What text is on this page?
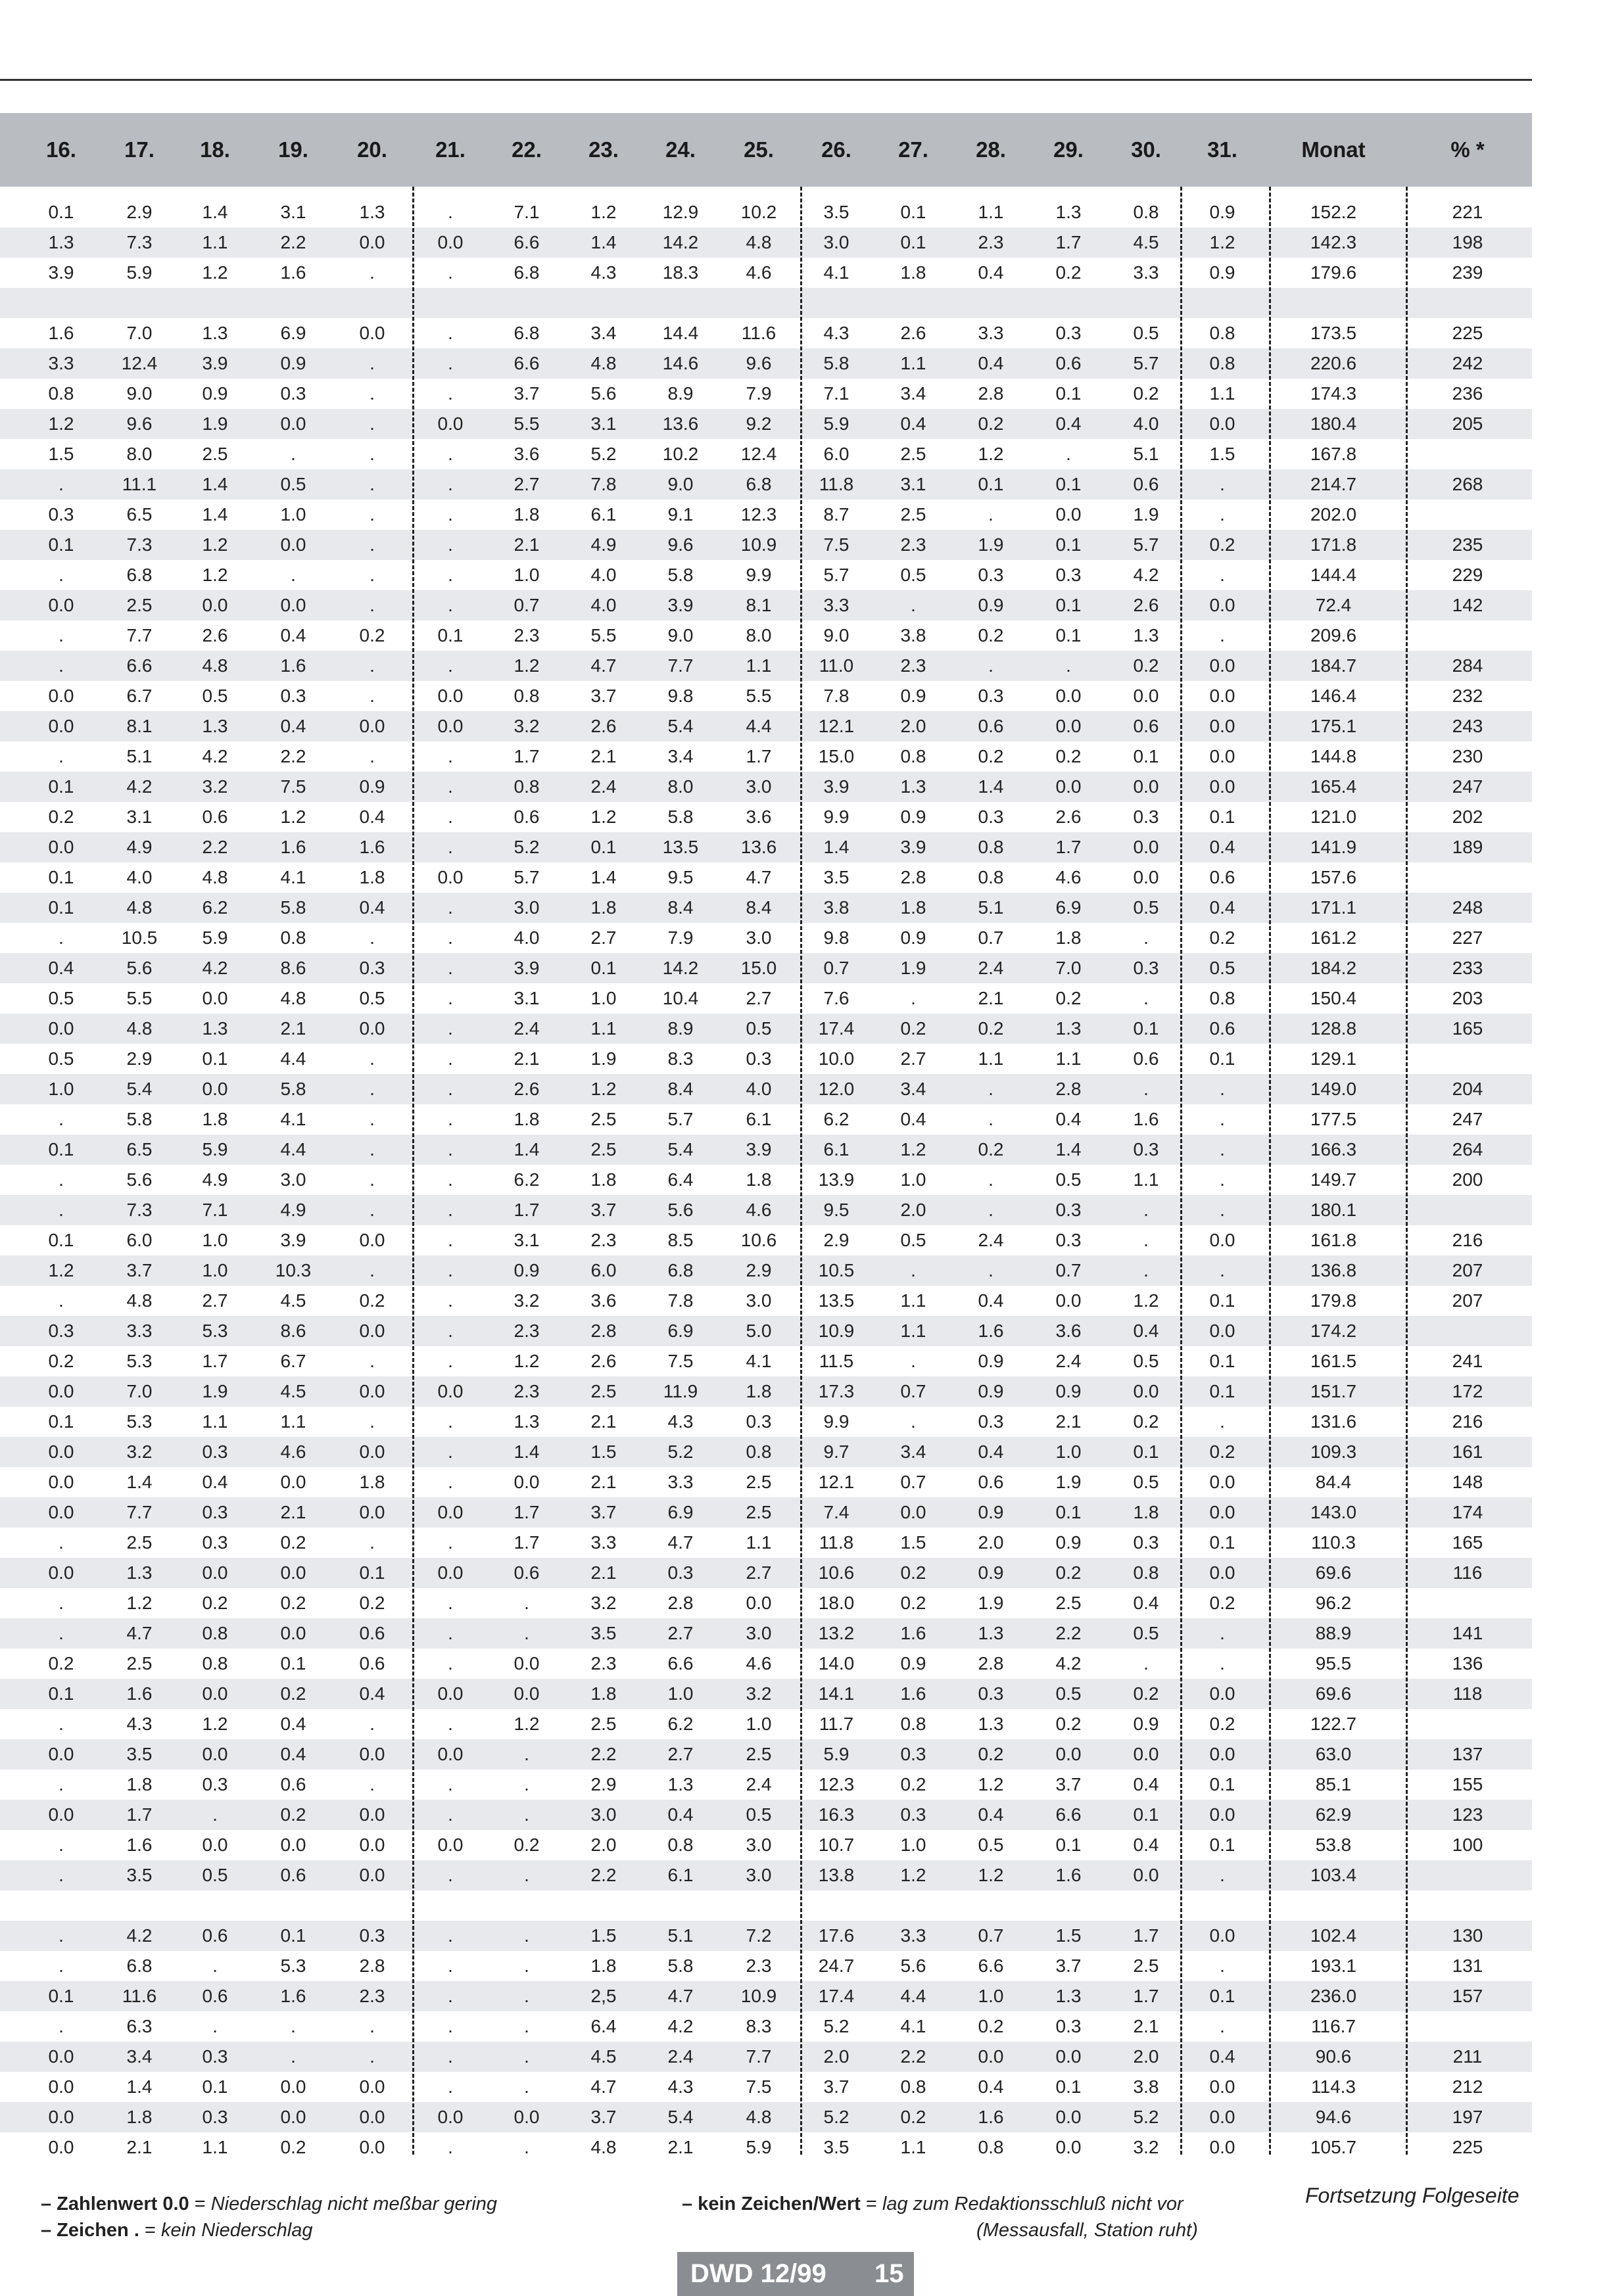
16.	17.	18.	19.	20.	21.	22.	23.	24.	25.	26.	27.	28.	29.	30.	31.	Monat	% *
0.1	2.9	1.4	3.1	1.3	.	7.1	1.2	12.9	10.2	3.5	0.1	1.1	1.3	0.8	0.9	152.2	221
1.3	7.3	1.1	2.2	0.0	0.0	6.6	1.4	14.2	4.8	3.0	0.1	2.3	1.7	4.5	1.2	142.3	198
3.9	5.9	1.2	1.6	.	.	6.8	4.3	18.3	4.6	4.1	1.8	0.4	0.2	3.3	0.9	179.6	239
1.6	7.0	1.3	6.9	0.0	.	6.8	3.4	14.4	11.6	4.3	2.6	3.3	0.3	0.5	0.8	173.5	225
3.3	12.4	3.9	0.9	.	.	6.6	4.8	14.6	9.6	5.8	1.1	0.4	0.6	5.7	0.8	220.6	242
0.8	9.0	0.9	0.3	.	.	3.7	5.6	8.9	7.9	7.1	3.4	2.8	0.1	0.2	1.1	174.3	236
1.2	9.6	1.9	0.0	.	0.0	5.5	3.1	13.6	9.2	5.9	0.4	0.2	0.4	4.0	0.0	180.4	205
1.5	8.0	2.5	.	.	.	3.6	5.2	10.2	12.4	6.0	2.5	1.2	.	5.1	1.5	167.8
.	11.1	1.4	0.5	.	.	2.7	7.8	9.0	6.8	11.8	3.1	0.1	0.1	0.6	.	214.7	268
0.3	6.5	1.4	1.0	.	.	1.8	6.1	9.1	12.3	8.7	2.5	.	0.0	1.9	.	202.0
0.1	7.3	1.2	0.0	.	.	2.1	4.9	9.6	10.9	7.5	2.3	1.9	0.1	5.7	0.2	171.8	235
.	6.8	1.2	.	.	.	1.0	4.0	5.8	9.9	5.7	0.5	0.3	0.3	4.2	.	144.4	229
0.0	2.5	0.0	0.0	.	.	0.7	4.0	3.9	8.1	3.3	.	0.9	0.1	2.6	0.0	72.4	142
.	7.7	2.6	0.4	0.2	0.1	2.3	5.5	9.0	8.0	9.0	3.8	0.2	0.1	1.3	.	209.6
.	6.6	4.8	1.6	.	.	1.2	4.7	7.7	1.1	11.0	2.3	.	.	0.2	0.0	184.7	284
0.0	6.7	0.5	0.3	.	0.0	0.8	3.7	9.8	5.5	7.8	0.9	0.3	0.0	0.0	0.0	146.4	232
0.0	8.1	1.3	0.4	0.0	0.0	3.2	2.6	5.4	4.4	12.1	2.0	0.6	0.0	0.6	0.0	175.1	243
.	5.1	4.2	2.2	.	.	1.7	2.1	3.4	1.7	15.0	0.8	0.2	0.2	0.1	0.0	144.8	230
0.1	4.2	3.2	7.5	0.9	.	0.8	2.4	8.0	3.0	3.9	1.3	1.4	0.0	0.0	0.0	165.4	247
0.2	3.1	0.6	1.2	0.4	.	0.6	1.2	5.8	3.6	9.9	0.9	0.3	2.6	0.3	0.1	121.0	202
0.0	4.9	2.2	1.6	1.6	.	5.2	0.1	13.5	13.6	1.4	3.9	0.8	1.7	0.0	0.4	141.9	189
0.1	4.0	4.8	4.1	1.8	0.0	5.7	1.4	9.5	4.7	3.5	2.8	0.8	4.6	0.0	0.6	157.6
0.1	4.8	6.2	5.8	0.4	.	3.0	1.8	8.4	8.4	3.8	1.8	5.1	6.9	0.5	0.4	171.1	248
.	10.5	5.9	0.8	.	.	4.0	2.7	7.9	3.0	9.8	0.9	0.7	1.8	.	0.2	161.2	227
0.4	5.6	4.2	8.6	0.3	.	3.9	0.1	14.2	15.0	0.7	1.9	2.4	7.0	0.3	0.5	184.2	233
0.5	5.5	0.0	4.8	0.5	.	3.1	1.0	10.4	2.7	7.6	.	2.1	0.2	.	0.8	150.4	203
0.0	4.8	1.3	2.1	0.0	.	2.4	1.1	8.9	0.5	17.4	0.2	0.2	1.3	0.1	0.6	128.8	165
0.5	2.9	0.1	4.4	.	.	2.1	1.9	8.3	0.3	10.0	2.7	1.1	1.1	0.6	0.1	129.1
1.0	5.4	0.0	5.8	.	.	2.6	1.2	8.4	4.0	12.0	3.4	.	2.8	.	.	149.0	204
.	5.8	1.8	4.1	.	.	1.8	2.5	5.7	6.1	6.2	0.4	.	0.4	1.6	.	177.5	247
0.1	6.5	5.9	4.4	.	.	1.4	2.5	5.4	3.9	6.1	1.2	0.2	1.4	0.3	.	166.3	264
.	5.6	4.9	3.0	.	.	6.2	1.8	6.4	1.8	13.9	1.0	.	0.5	1.1	.	149.7	200
.	7.3	7.1	4.9	.	.	1.7	3.7	5.6	4.6	9.5	2.0	.	0.3	.	.	180.1
0.1	6.0	1.0	3.9	0.0	.	3.1	2.3	8.5	10.6	2.9	0.5	2.4	0.3	.	0.0	161.8	216
1.2	3.7	1.0	10.3	.	.	0.9	6.0	6.8	2.9	10.5	.	.	0.7	.	.	136.8	207
.	4.8	2.7	4.5	0.2	.	3.2	3.6	7.8	3.0	13.5	1.1	0.4	0.0	1.2	0.1	179.8	207
0.3	3.3	5.3	8.6	0.0	.	2.3	2.8	6.9	5.0	10.9	1.1	1.6	3.6	0.4	0.0	174.2
0.2	5.3	1.7	6.7	.	.	1.2	2.6	7.5	4.1	11.5	.	0.9	2.4	0.5	0.1	161.5	241
0.0	7.0	1.9	4.5	0.0	0.0	2.3	2.5	11.9	1.8	17.3	0.7	0.9	0.9	0.0	0.1	151.7	172
0.1	5.3	1.1	1.1	.	.	1.3	2.1	4.3	0.3	9.9	.	0.3	2.1	0.2	.	131.6	216
0.0	3.2	0.3	4.6	0.0	.	1.4	1.5	5.2	0.8	9.7	3.4	0.4	1.0	0.1	0.2	109.3	161
0.0	1.4	0.4	0.0	1.8	.	0.0	2.1	3.3	2.5	12.1	0.7	0.6	1.9	0.5	0.0	84.4	148
0.0	7.7	0.3	2.1	0.0	0.0	1.7	3.7	6.9	2.5	7.4	0.0	0.9	0.1	1.8	0.0	143.0	174
.	2.5	0.3	0.2	.	.	1.7	3.3	4.7	1.1	11.8	1.5	2.0	0.9	0.3	0.1	110.3	165
0.0	1.3	0.0	0.0	0.1	0.0	0.6	2.1	0.3	2.7	10.6	0.2	0.9	0.2	0.8	0.0	69.6	116
.	1.2	0.2	0.2	0.2	.	.	3.2	2.8	0.0	18.0	0.2	1.9	2.5	0.4	0.2	96.2
.	4.7	0.8	0.0	0.6	.	.	3.5	2.7	3.0	13.2	1.6	1.3	2.2	0.5	.	88.9	141
0.2	2.5	0.8	0.1	0.6	.	0.0	2.3	6.6	4.6	14.0	0.9	2.8	4.2	.	.	95.5	136
0.1	1.6	0.0	0.2	0.4	0.0	0.0	1.8	1.0	3.2	14.1	1.6	0.3	0.5	0.2	0.0	69.6	118
.	4.3	1.2	0.4	.	.	1.2	2.5	6.2	1.0	11.7	0.8	1.3	0.2	0.9	0.2	122.7
0.0	3.5	0.0	0.4	0.0	0.0	.	2.2	2.7	2.5	5.9	0.3	0.2	0.0	0.0	0.0	63.0	137
.	1.8	0.3	0.6	.	.	.	2.9	1.3	2.4	12.3	0.2	1.2	3.7	0.4	0.1	85.1	155
0.0	1.7	.	0.2	0.0	.	.	3.0	0.4	0.5	16.3	0.3	0.4	6.6	0.1	0.0	62.9	123
.	1.6	0.0	0.0	0.0	0.0	0.2	2.0	0.8	3.0	10.7	1.0	0.5	0.1	0.4	0.1	53.8	100
.	3.5	0.5	0.6	0.0	.	.	2.2	6.1	3.0	13.8	1.2	1.2	1.6	0.0	.	103.4
.	4.2	0.6	0.1	0.3	.	.	1.5	5.1	7.2	17.6	3.3	0.7	1.5	1.7	0.0	102.4	130
.	6.8	.	5.3	2.8	.	.	1.8	5.8	2.3	24.7	5.6	6.6	3.7	2.5	.	193.1	131
0.1	11.6	0.6	1.6	2.3	.	.	2,5	4.7	10.9	17.4	4.4	1.0	1.3	1.7	0.1	236.0	157
.	6.3	.	.	.	.	.	6.4	4.2	8.3	5.2	4.1	0.2	0.3	2.1	.	116.7
0.0	3.4	0.3	.	.	.	.	4.5	2.4	7.7	2.0	2.2	0.0	0.0	2.0	0.4	90.6	211
0.0	1.4	0.1	0.0	0.0	.	.	4.7	4.3	7.5	3.7	0.8	0.4	0.1	3.8	0.0	114.3	212
0.0	1.8	0.3	0.0	0.0	0.0	0.0	3.7	5.4	4.8	5.2	0.2	1.6	0.0	5.2	0.0	94.6	197
0.0	2.1	1.1	0.2	0.0	.	.	4.8	2.1	5.9	3.5	1.1	0.8	0.0	3.2	0.0	105.7	225
– Zahlenwert 0.0 = Niederschlag nicht meßbar gering
– Zeichen . = kein Niederschlag
– kein Zeichen/Wert = lag zum Redaktionsschluß nicht vor
(Messausfall, Station ruht)
Fortsetzung Folgeseite
DWD 12/99 15
